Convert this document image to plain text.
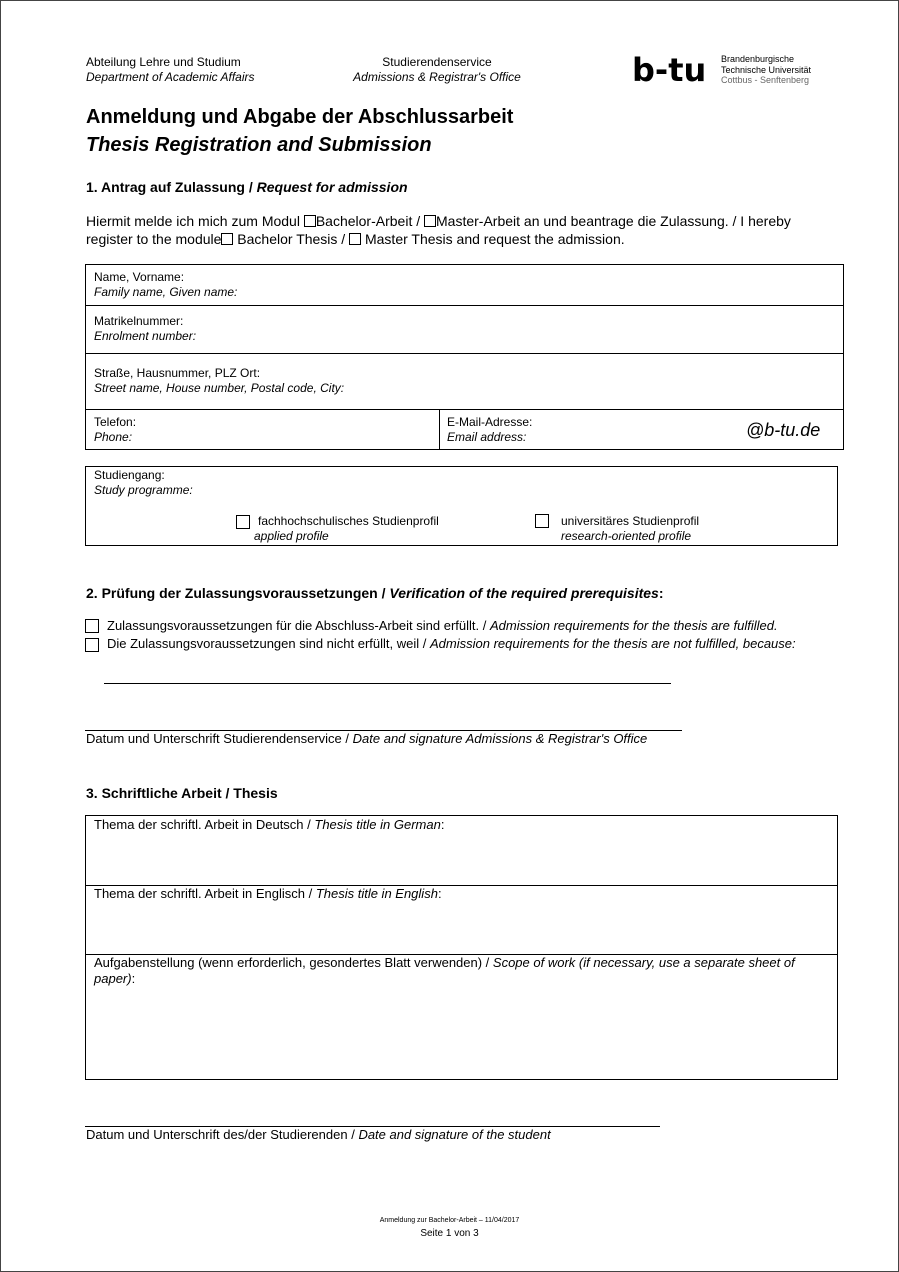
Abteilung Lehre und Studium
Department of Academic Affairs
Studierendenservice
Admissions & Registrar's Office	b-tu Brandenburgische
Technische Universität
Cottbus - Senftenberg
Anmeldung und Abgabe der Abschlussarbeit
Thesis Registration and Submission
1. Antrag auf Zulassung / Request for admission
Hiermit melde ich mich zum Modul Bachelor-Arbeit / Master-Arbeit an und beantrage die Zulassung. / I hereby
register to the module Bachelor Thesis /  Master Thesis and request the admission.
Name, Vorname:
Family name, Given name:
Matrikelnummer:
Enrolment number:
Straße, Hausnummer, PLZ Ort:
Street name, House number, Postal code, City:
Telefon:
Phone:
E-Mail-Adresse:
Email address:	@b-tu.de
Studiengang:
Study programme:
fachhochschulisches Studienprofil
applied profile
universitäres Studienprofil
research-oriented profile
2. Prüfung der Zulassungsvoraussetzungen / Verification of the required prerequisites:
Zulassungsvoraussetzungen für die Abschluss-Arbeit sind erfüllt. / Admission requirements for the thesis are fulfilled.
Die Zulassungsvoraussetzungen sind nicht erfüllt, weil / Admission requirements for the thesis are not fulfilled, because:
Datum und Unterschrift Studierendenservice / Date and signature Admissions & Registrar's Office
3. Schriftliche Arbeit / Thesis
Thema der schriftl. Arbeit in Deutsch / Thesis title in German:
Thema der schriftl. Arbeit in Englisch / Thesis title in English:
Aufgabenstellung (wenn erforderlich, gesondertes Blatt verwenden) / Scope of work (if necessary, use a separate sheet of
paper):
Datum und Unterschrift des/der Studierenden / Date and signature of the student
Anmeldung zur Bachelor-Arbeit – 11/04/2017
Seite 1 von 3
